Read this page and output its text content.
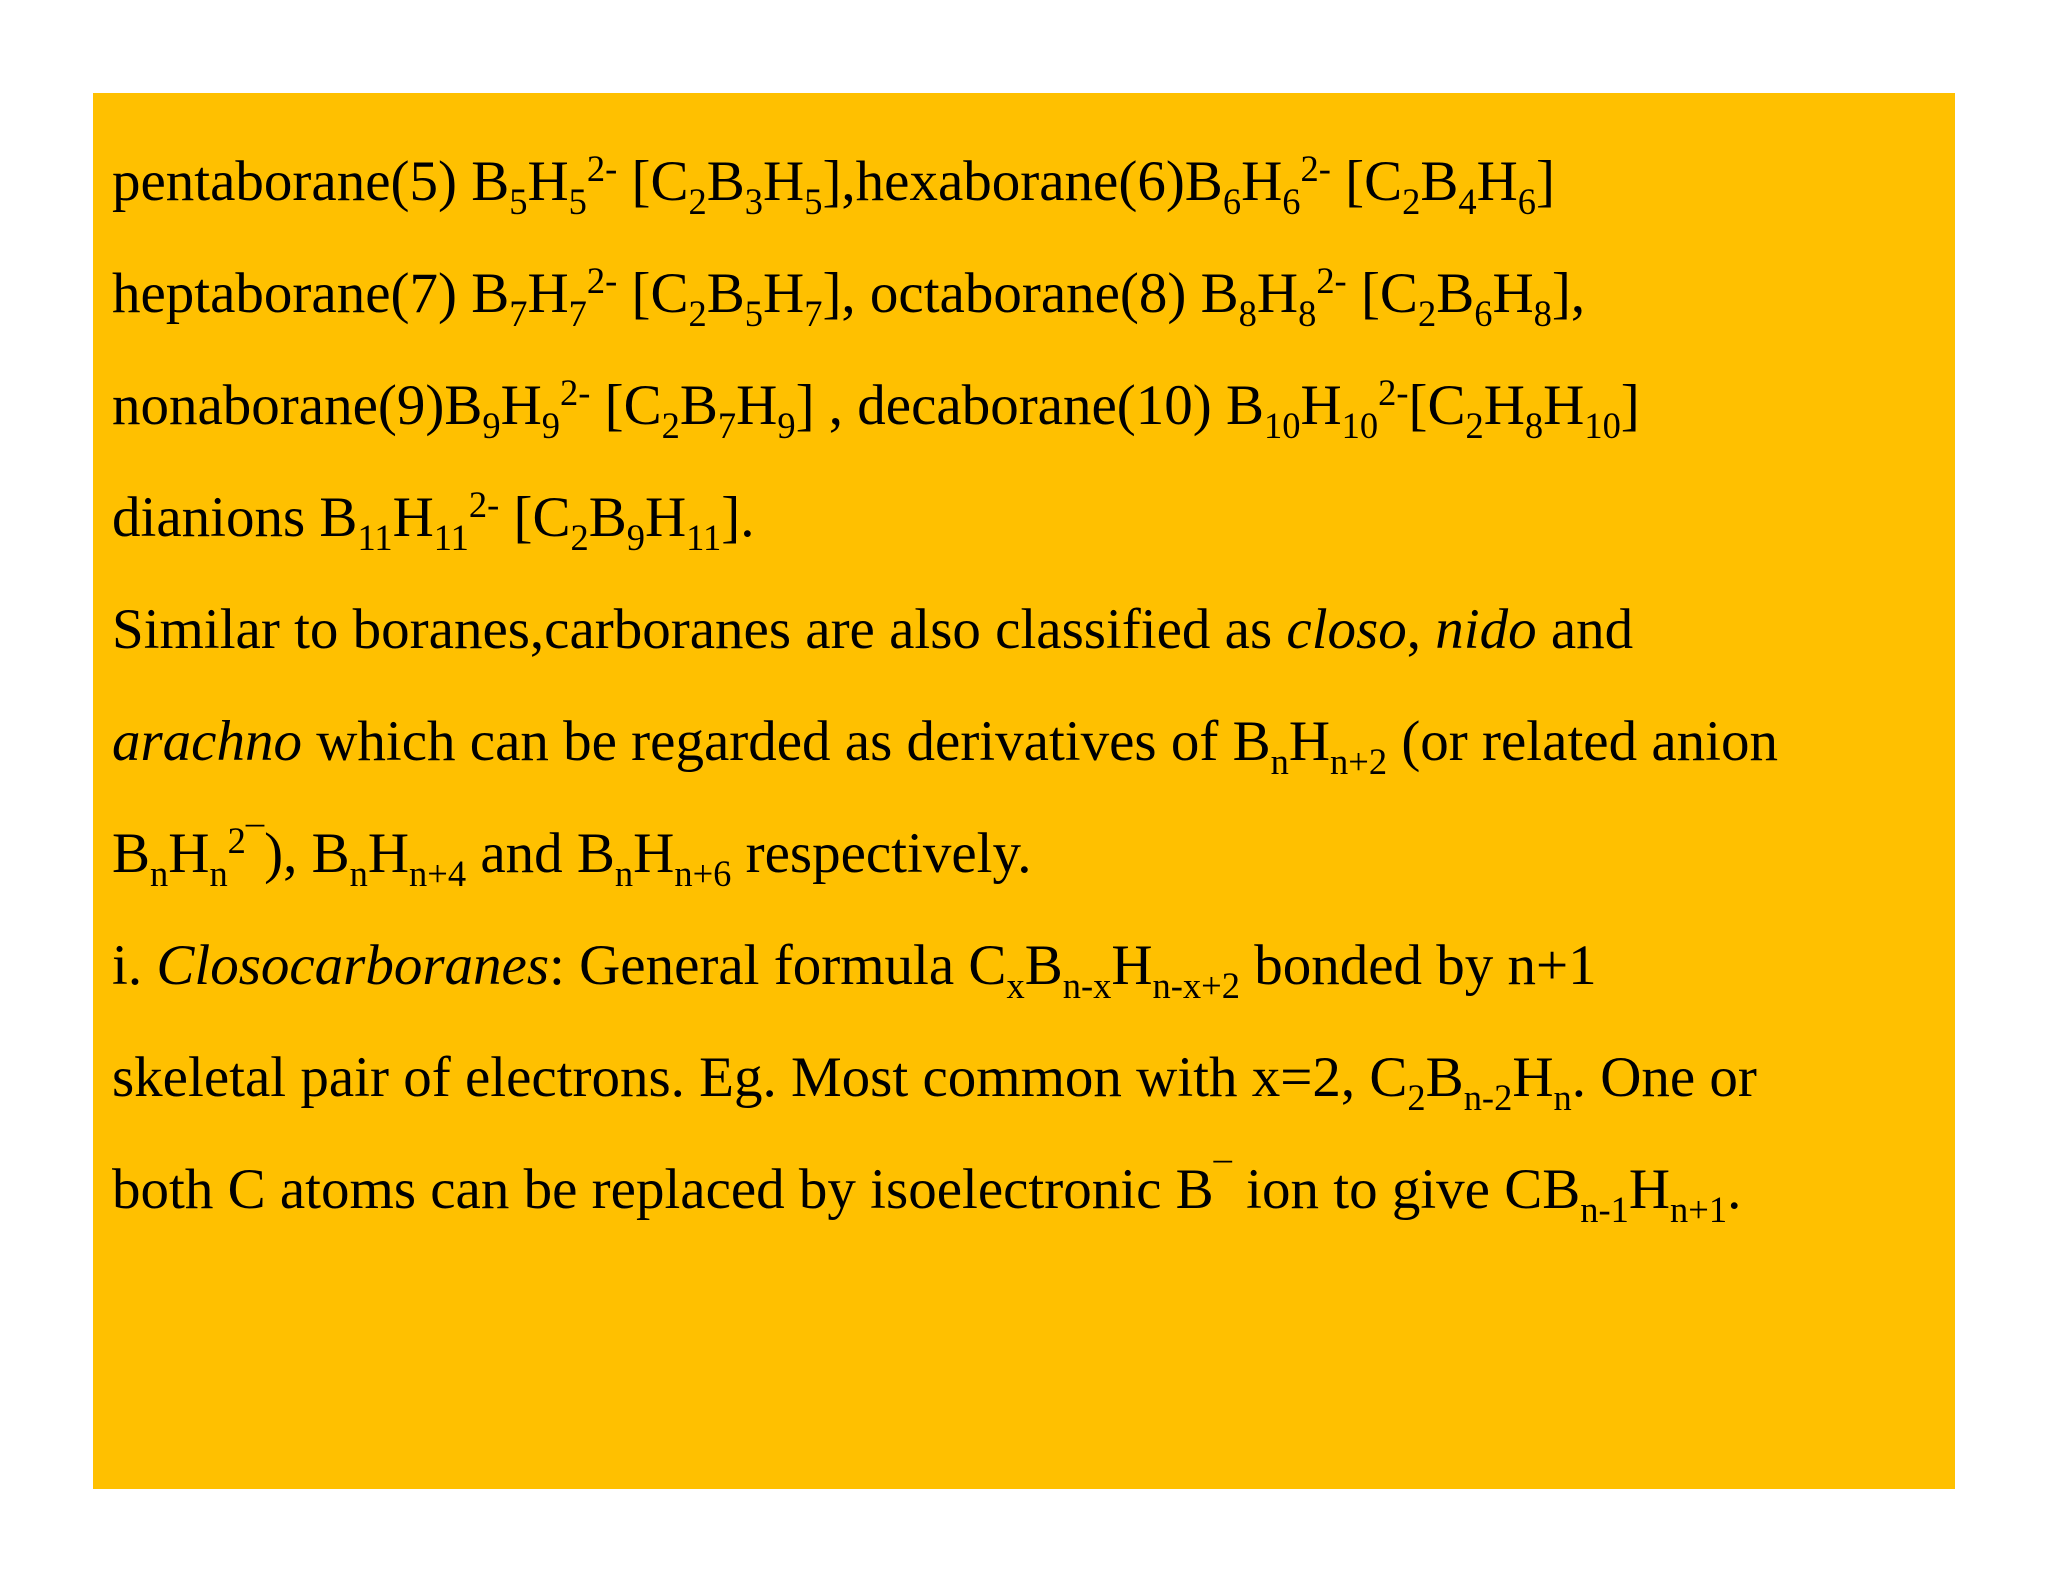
pentaborane(5) $B_5H_5^{2-}$ $[C_2B_3H_5],hexaborane(6)B_6H_6^{2-}$ $[C_2B_4H_6]$
heptaborane(7) $B_7H_7^{2-}$ $[C_2B_5H_7]$, octaborane(8) $B_8H_8^{2-}$ $[C_2B_6H_8]$,
$nonaborane(9)B_9H_9^{2-}$ $[C_2B_7H_9]$ , decaborane(10) $B_{10}H_{10}^{2-}[C_2H_8H_{10}]$
dianions $B_{11}H_{11}^{2-}$ $[C_2B_9H_{11}]$.
Similar to boranes,carboranes are also classified as closo, nido and
arachno which can be regarded as derivatives of $B_nH_{n+2}$ (or related anion
$B_nH_n^{2¯}$), $B_nH_{n+4}$ and $B_nH_{n+6}$ respectively.
i. Closocarboranes: General formula $C_xB_{n-x}H_{n-x+2}$ bonded by n+1
skeletal pair of electrons. Eg. Most common with x=2, $C_2B_{n-2}H_n$. One or
both C atoms can be replaced by isoelectronic B¯ ion to give $CB_{n-1}H_{n+1}$.
